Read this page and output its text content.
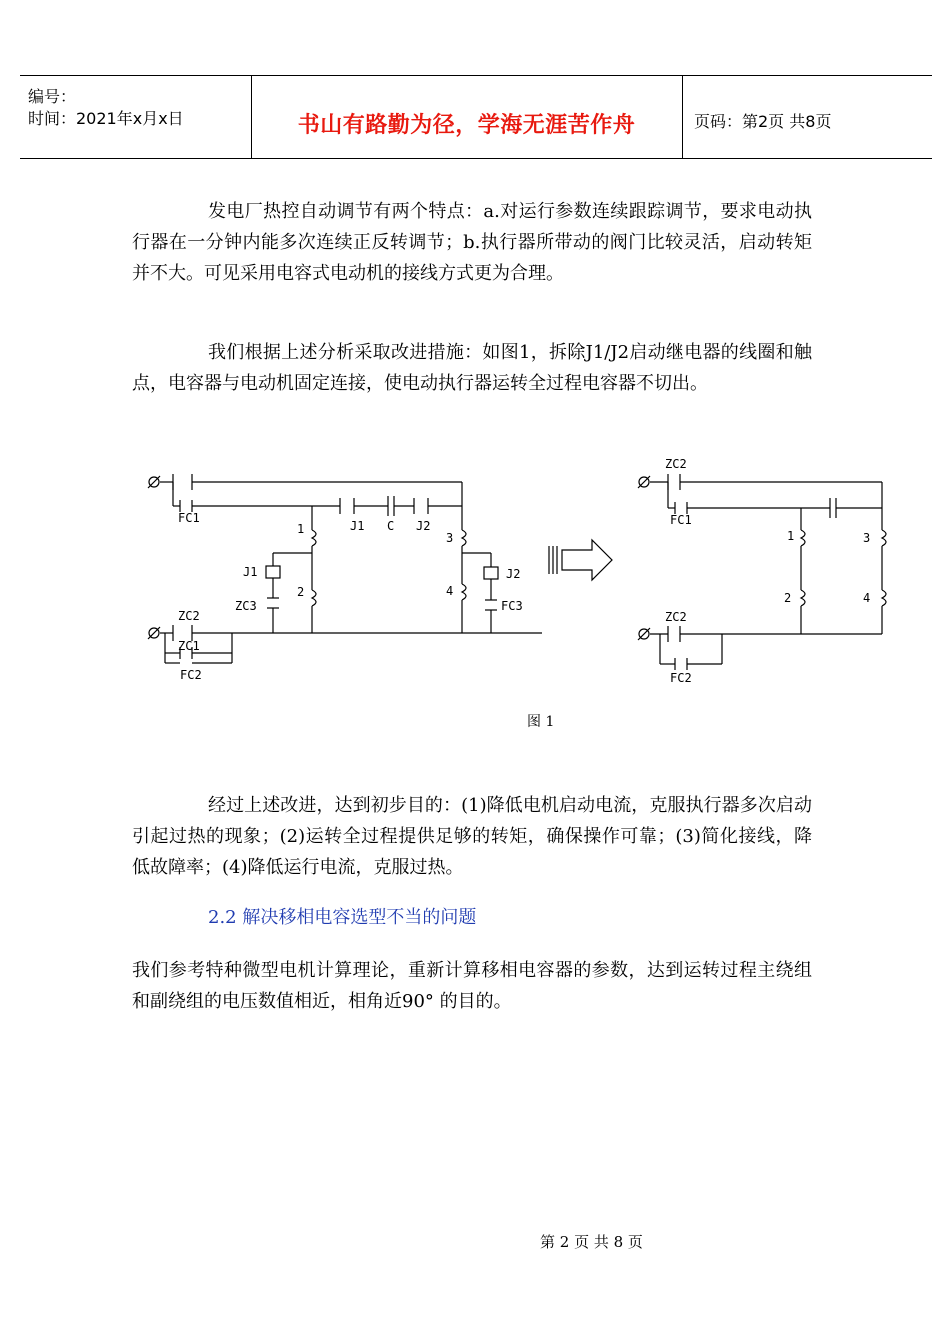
编号：
时间：2021年x月x日	书山有路勤为径，学海无涯苦作舟	页码：第2页 共8页
发电厂热控自动调节有两个特点：a.对运行参数连续跟踪调节，要求电动执行器在一分钟内能多次连续正反转调节；b.执行器所带动的阀门比较灵活，启动转矩并不大。可见采用电容式电动机的接线方式更为合理。
我们根据上述分析采取改进措施：如图1，拆除J1/J2启动继电器的线圈和触点，电容器与电动机固定连接，使电动执行器运转全过程电容器不切出。
FC1
J1 C J2
1
2
J1
ZC3
3
4
J2
FC3
ZC2
ZC1
FC2
ZC2
FC1
1
2
3
4
ZC2
FC2
图 1
经过上述改进，达到初步目的：(1)降低电机启动电流，克服执行器多次启动引起过热的现象；(2)运转全过程提供足够的转矩，确保操作可靠；(3)简化接线，降低故障率；(4)降低运行电流，克服过热。
2.2 解决移相电容选型不当的问题
我们参考特种微型电机计算理论，重新计算移相电容器的参数，达到运转过程主绕组和副绕组的电压数值相近，相角近90° 的目的。
第 2 页 共 8 页
